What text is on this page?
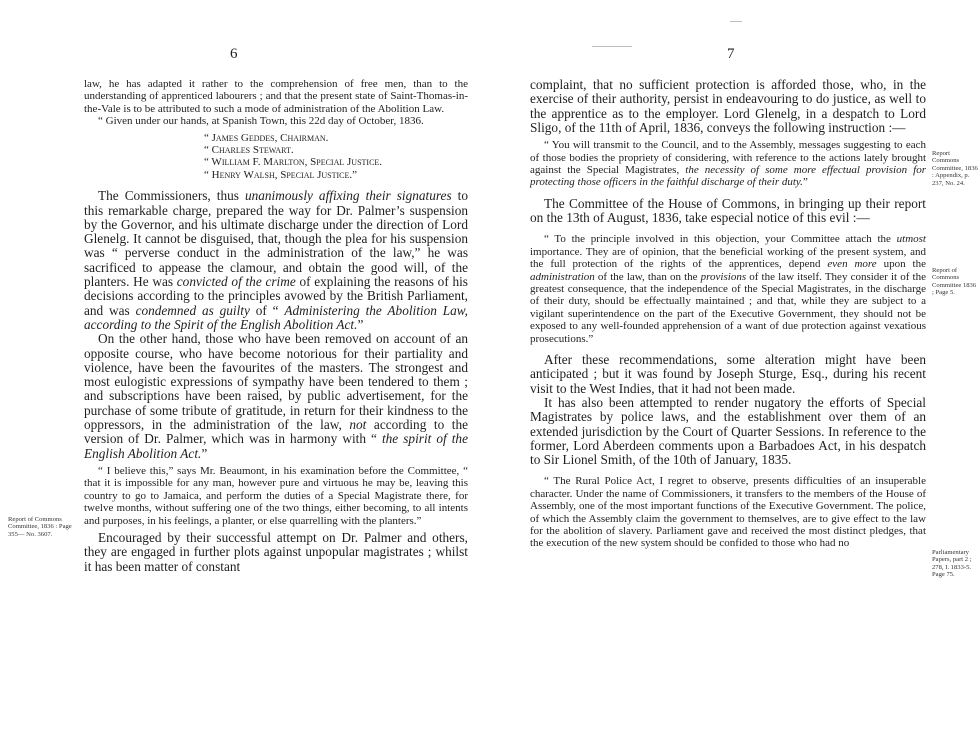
6

law, he has adapted it rather to the comprehension of free men, than to the understanding of apprenticed labourers ; and that the present state of Saint-Thomas-in-the-Vale is to be attributed to such a mode of administration of the Abolition Law.

“ Given under our hands, at Spanish Town, this 22d day of October, 1836.

“ James Geddes, Chairman.
“ Charles Stewart.
“ William F. Marlton, Special Justice.
“ Henry Walsh, Special Justice.”

The Commissioners, thus unanimously affixing their signatures to this remarkable charge, prepared the way for Dr. Palmer’s suspension by the Governor, and his ultimate discharge under the direction of Lord Glenelg. It cannot be disguised, that, though the plea for his suspension was “ perverse conduct in the administration of the law,” he was sacrificed to appease the clamour, and obtain the good will, of the planters. He was convicted of the crime of explaining the reasons of his decisions according to the principles avowed by the British Parliament, and was condemned as guilty of “ Administering the Abolition Law, according to the Spirit of the English Abolition Act.”

On the other hand, those who have been removed on account of an opposite course, who have become notorious for their partiality and violence, have been the favourites of the masters. The strongest and most eulogistic expressions of sympathy have been tendered to them ; and subscriptions have been raised, by public advertisement, for the purchase of some tribute of gratitude, in return for their kindness to the oppressors, in the administration of the law, not according to the version of Dr. Palmer, which was in harmony with “ the spirit of the English Abolition Act.”

“ I believe this,” says Mr. Beaumont, in his examination before the Committee, “ that it is impossible for any man, however pure and virtuous he may be, leaving this country to go to Jamaica, and perform the duties of a Special Magistrate there, for twelve months, without suffering one of the two things, either becoming, to all intents and purposes, in his feelings, a planter, or else quarrelling with the planters.”

Encouraged by their successful attempt on Dr. Palmer and others, they are engaged in further plots against unpopular magistrates ; whilst it has been matter of constant

Report of Commons Committee, 1836 : Page 355— No. 3607.
7

complaint, that no sufficient protection is afforded those, who, in the exercise of their authority, persist in endeavouring to do justice, as well to the apprentice as to the employer. Lord Glenelg, in a despatch to Lord Sligo, of the 11th of April, 1836, conveys the following instruction :—

“ You will transmit to the Council, and to the Assembly, messages suggesting to each of those bodies the propriety of considering, with reference to the actions lately brought against the Special Magistrates, the necessity of some more effectual provision for protecting those officers in the faithful discharge of their duty.”

The Committee of the House of Commons, in bringing up their report on the 13th of August, 1836, take especial notice of this evil :—

“ To the principle involved in this objection, your Committee attach the utmost importance. They are of opinion, that the beneficial working of the present system, and the full protection of the rights of the apprentices, depend even more upon the administration of the law, than on the provisions of the law itself. They consider it of the greatest consequence, that the independence of the Special Magistrates, in the discharge of their duty, should be effectually maintained ; and that, while they are subject to a vigilant superintendence on the part of the Executive Government, they should not be exposed to any well-founded apprehension of a want of due protection against vexatious prosecutions.”

After these recommendations, some alteration might have been anticipated ; but it was found by Joseph Sturge, Esq., during his recent visit to the West Indies, that it had not been made.

It has also been attempted to render nugatory the efforts of Special Magistrates by police laws, and the establishment over them of an extended jurisdiction by the Court of Quarter Sessions. In reference to the former, Lord Aberdeen comments upon a Barbadoes Act, in his despatch to Sir Lionel Smith, of the 10th of January, 1835.

“ The Rural Police Act, I regret to observe, presents difficulties of an insuperable character. Under the name of Commissioners, it transfers to the members of the House of Assembly, one of the most important functions of the Executive Government. The police, of which the Assembly claim the government to themselves, are to give effect to the law for the abolition of slavery. Parliament gave and received the most distinct pledges, that the execution of the new system should be confided to those who had no

Report Commons Committee, 1836 : Appendix, p. 237, No. 24.
Report of Commons Committee 1836 ; Page 5.
Parliamentary Papers, part 2 ; 278, I. 1833-5. Page 75.
